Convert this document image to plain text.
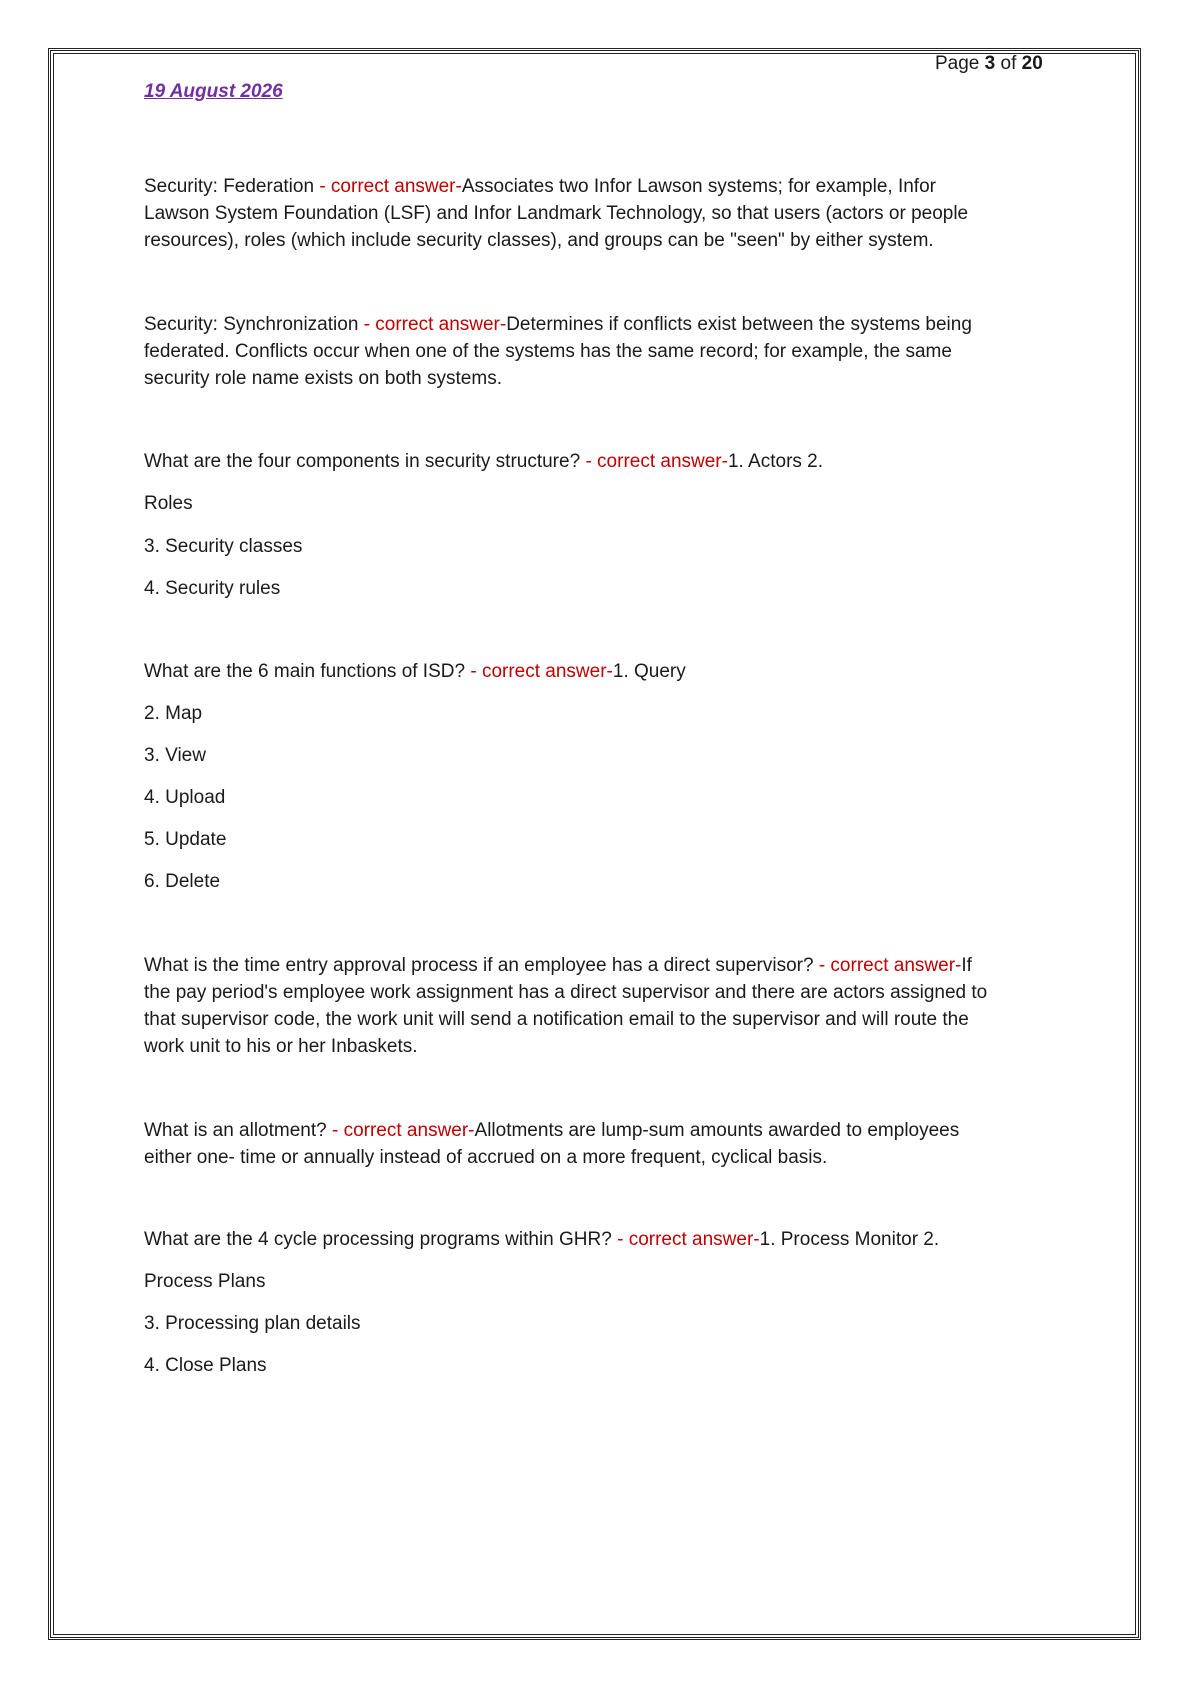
Page 3 of 20
19 August 2026
Security: Federation - correct answer-Associates two Infor Lawson systems; for example, Infor
Lawson System Foundation (LSF) and Infor Landmark Technology, so that users (actors or people
resources), roles (which include security classes), and groups can be "seen" by either system.
Security: Synchronization - correct answer-Determines if conflicts exist between the systems being
federated. Conflicts occur when one of the systems has the same record; for example, the same
security role name exists on both systems.
What are the four components in security structure? - correct answer-1. Actors 2.
Roles
3. Security classes
4. Security rules
What are the 6 main functions of ISD? - correct answer-1. Query
2. Map
3. View
4. Upload
5. Update
6. Delete
What is the time entry approval process if an employee has a direct supervisor? - correct answer-If
the pay period's employee work assignment has a direct supervisor and there are actors assigned to
that supervisor code, the work unit will send a notification email to the supervisor and will route the
work unit to his or her Inbaskets.
What is an allotment? - correct answer-Allotments are lump-sum amounts awarded to employees
either one- time or annually instead of accrued on a more frequent, cyclical basis.
What are the 4 cycle processing programs within GHR? - correct answer-1. Process Monitor 2.
Process Plans
3. Processing plan details
4. Close Plans
